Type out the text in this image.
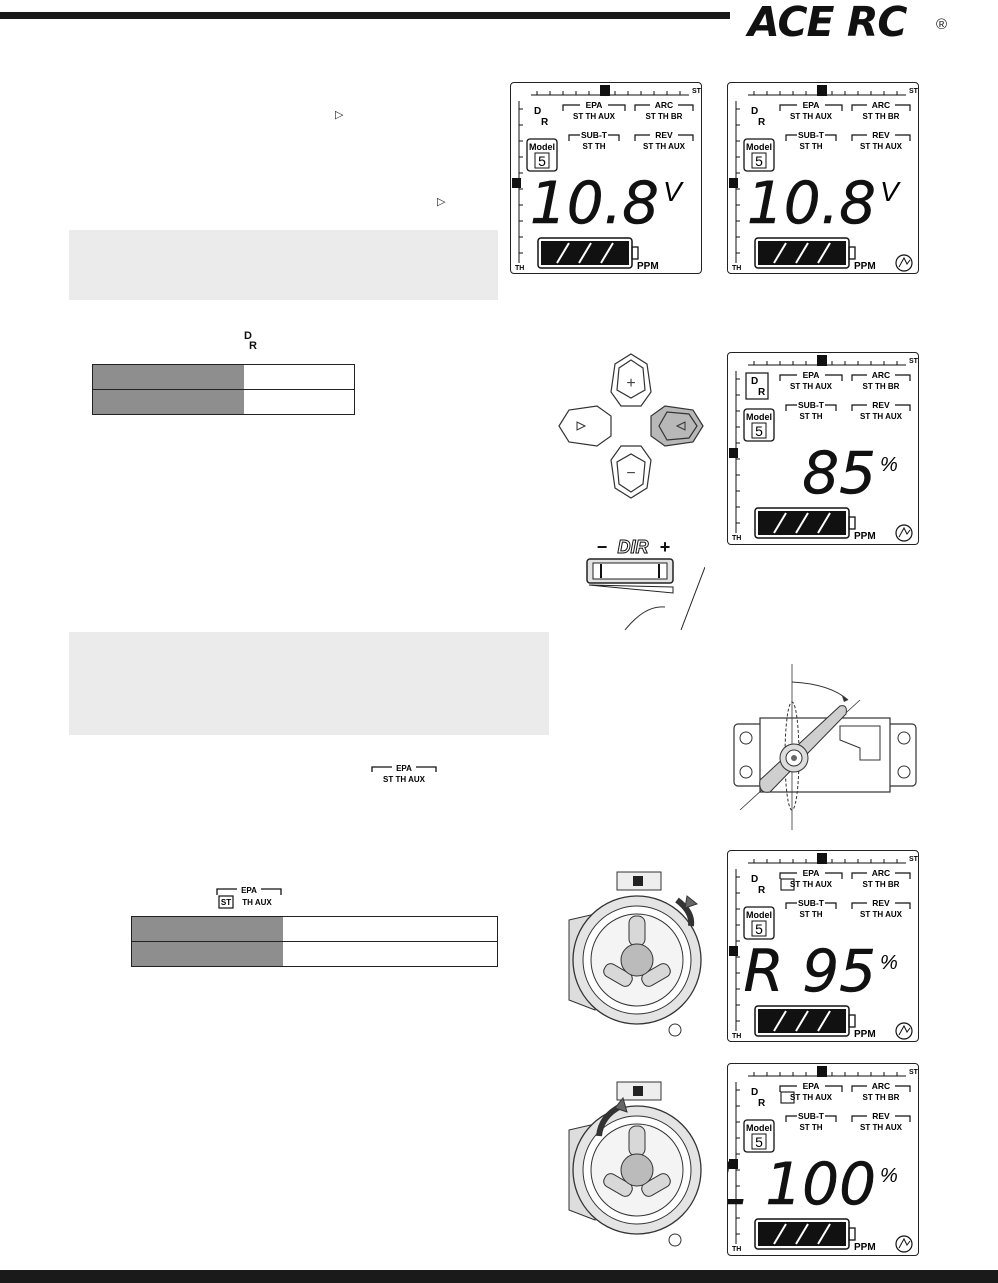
ACE RC ®
▷
▷
D
R

EPA
ST TH AUX
EPA
ST TH AUX

ST
TH
D
R
EPA
ST TH AUX
ARC
ST TH BR
SUB-T
ST TH
REV
ST TH AUX
Model
5
10.8 V
PPM
ST
TH
D
R
EPA
ST TH AUX
ARC
ST TH BR
SUB-T
ST TH
REV
ST TH AUX
Model
5
10.8 V
PPM
ST
TH
D
R
EPA
ST TH AUX
ARC
ST TH BR
SUB-T
ST TH
REV
ST TH AUX
Model
5
85 %
PPM
ST
TH
D
R
EPA
ST TH AUX
ARC
ST TH BR
SUB-T
ST TH
REV
ST TH AUX
Model
5
R 95 %
PPM
ST
TH
D
R
EPA
ST TH AUX
ARC
ST TH BR
SUB-T
ST TH
REV
ST TH AUX
Model
5
L 100 %
PPM
+
−
− DIR +
